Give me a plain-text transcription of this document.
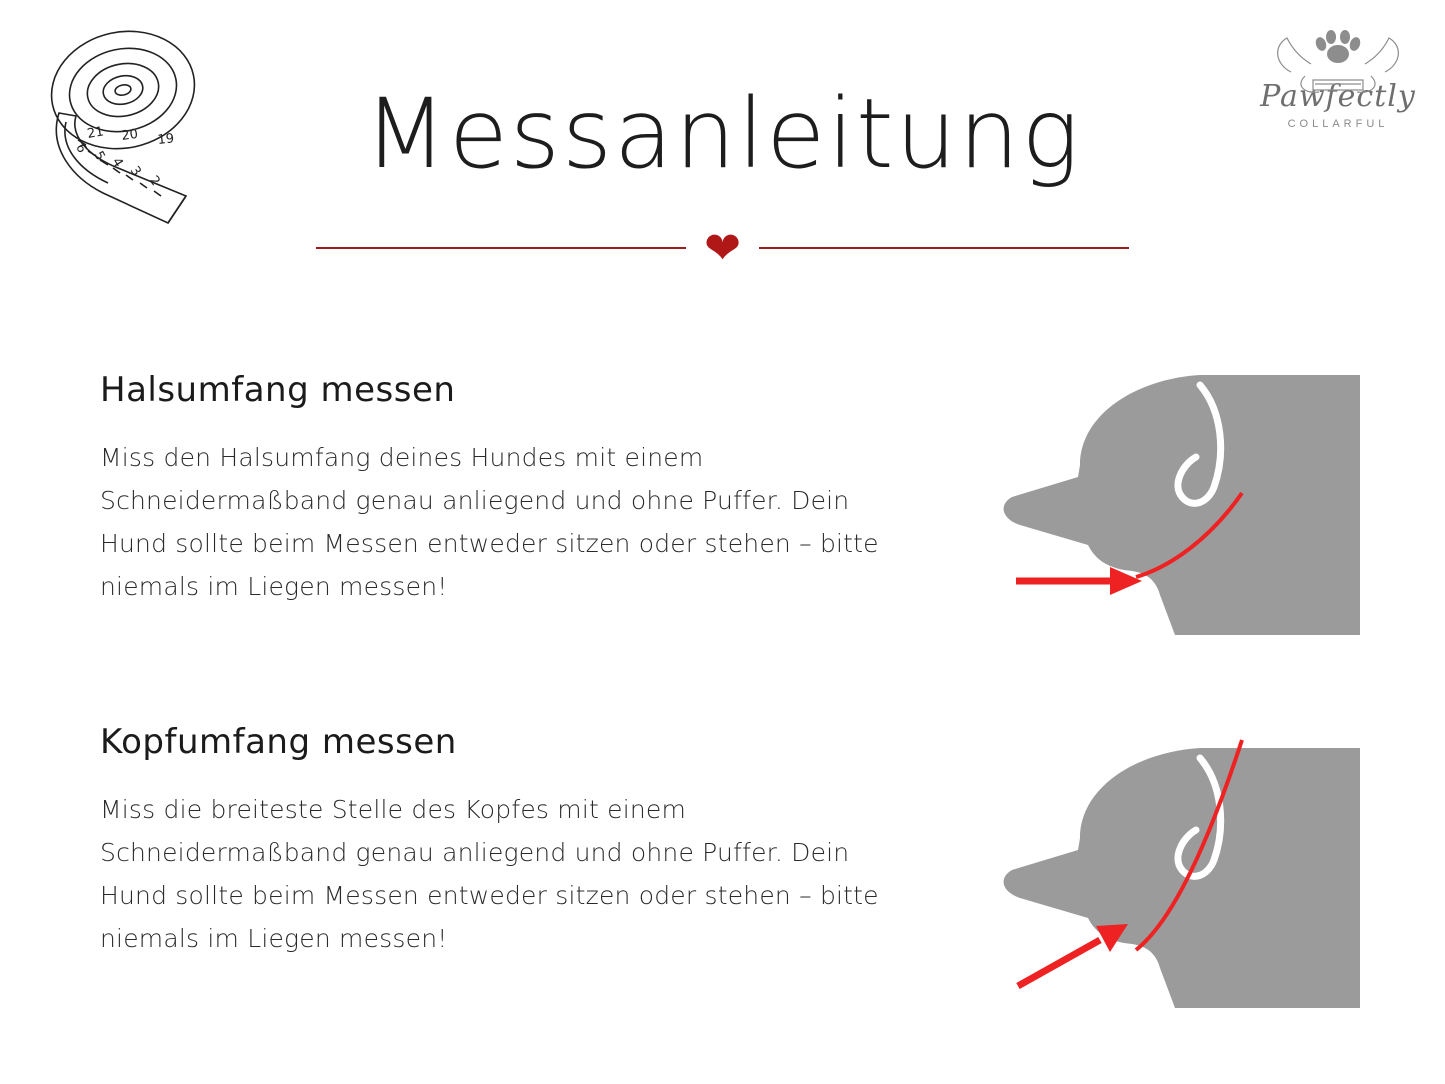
6
5 4
3
2
21 20 19
Pawfectly
COLLARFUL
Messanleitung
❤
Halsumfang messen

Miss den Halsumfang deines Hundes mit einem Schneidermaßband genau anliegend und ohne Puffer. Dein Hund sollte beim Messen entweder sitzen oder stehen – bitte niemals im Liegen messen!

Kopfumfang messen

Miss die breiteste Stelle des Kopfes mit einem Schneidermaßband genau anliegend und ohne Puffer. Dein Hund sollte beim Messen entweder sitzen oder stehen – bitte niemals im Liegen messen!
